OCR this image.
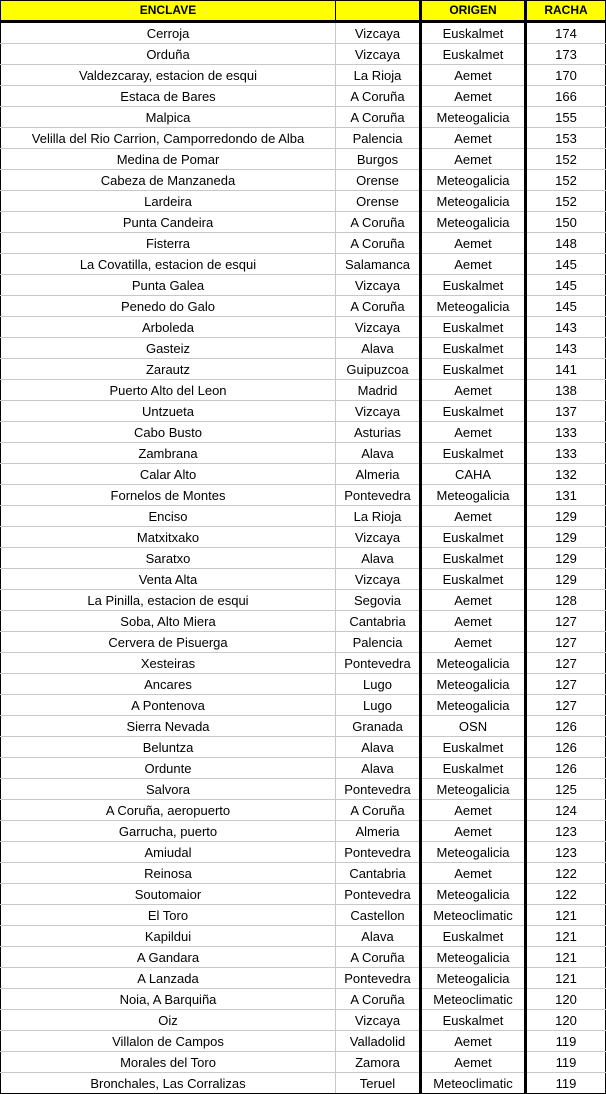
ENCLAVE		ORIGEN	RACHA
Cerroja	Vizcaya	Euskalmet	174
Orduña	Vizcaya	Euskalmet	173
Valdezcaray, estacion de esqui	La Rioja	Aemet	170
Estaca de Bares	A Coruña	Aemet	166
Malpica	A Coruña	Meteogalicia	155
Velilla del Rio Carrion, Camporredondo de Alba	Palencia	Aemet	153
Medina de Pomar	Burgos	Aemet	152
Cabeza de Manzaneda	Orense	Meteogalicia	152
Lardeira	Orense	Meteogalicia	152
Punta Candeira	A Coruña	Meteogalicia	150
Fisterra	A Coruña	Aemet	148
La Covatilla, estacion de esqui	Salamanca	Aemet	145
Punta Galea	Vizcaya	Euskalmet	145
Penedo do Galo	A Coruña	Meteogalicia	145
Arboleda	Vizcaya	Euskalmet	143
Gasteiz	Alava	Euskalmet	143
Zarautz	Guipuzcoa	Euskalmet	141
Puerto Alto del Leon	Madrid	Aemet	138
Untzueta	Vizcaya	Euskalmet	137
Cabo Busto	Asturias	Aemet	133
Zambrana	Alava	Euskalmet	133
Calar Alto	Almeria	CAHA	132
Fornelos de Montes	Pontevedra	Meteogalicia	131
Enciso	La Rioja	Aemet	129
Matxitxako	Vizcaya	Euskalmet	129
Saratxo	Alava	Euskalmet	129
Venta Alta	Vizcaya	Euskalmet	129
La Pinilla, estacion de esqui	Segovia	Aemet	128
Soba, Alto Miera	Cantabria	Aemet	127
Cervera de Pisuerga	Palencia	Aemet	127
Xesteiras	Pontevedra	Meteogalicia	127
Ancares	Lugo	Meteogalicia	127
A Pontenova	Lugo	Meteogalicia	127
Sierra Nevada	Granada	OSN	126
Beluntza	Alava	Euskalmet	126
Ordunte	Alava	Euskalmet	126
Salvora	Pontevedra	Meteogalicia	125
A Coruña, aeropuerto	A Coruña	Aemet	124
Garrucha, puerto	Almeria	Aemet	123
Amiudal	Pontevedra	Meteogalicia	123
Reinosa	Cantabria	Aemet	122
Soutomaior	Pontevedra	Meteogalicia	122
El Toro	Castellon	Meteoclimatic	121
Kapildui	Alava	Euskalmet	121
A Gandara	A Coruña	Meteogalicia	121
A Lanzada	Pontevedra	Meteogalicia	121
Noia, A Barquiña	A Coruña	Meteoclimatic	120
Oiz	Vizcaya	Euskalmet	120
Villalon de Campos	Valladolid	Aemet	119
Morales del Toro	Zamora	Aemet	119
Bronchales, Las Corralizas	Teruel	Meteoclimatic	119
